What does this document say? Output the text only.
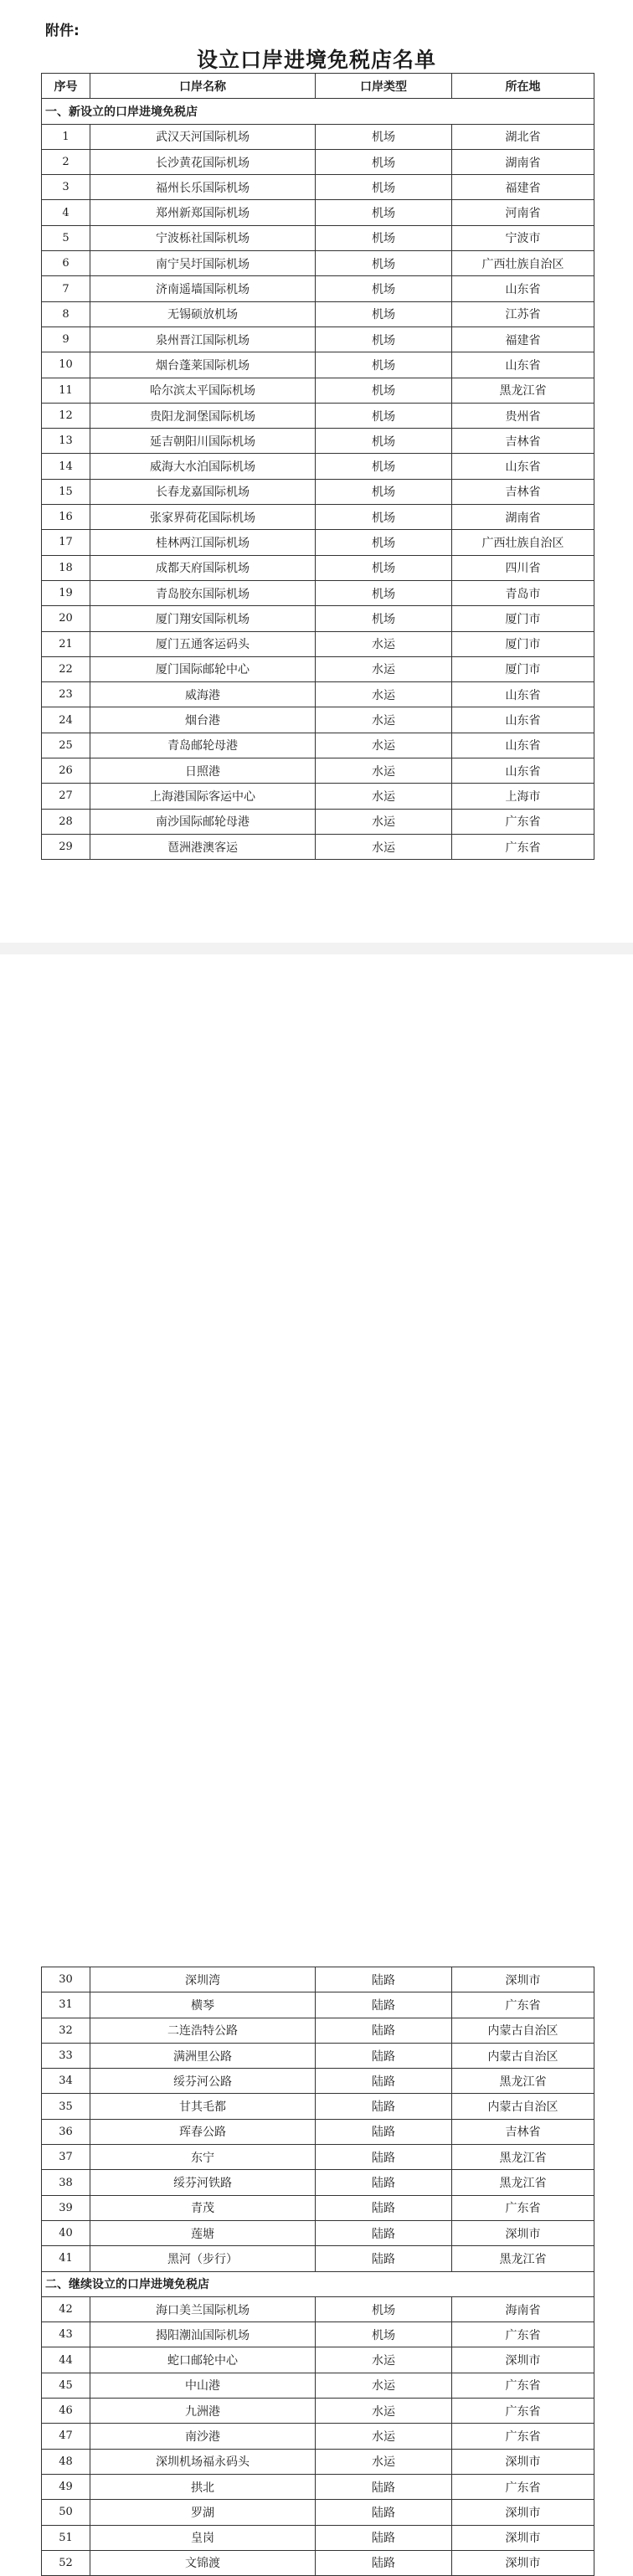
附件:
设立口岸进境免税店名单
序号	口岸名称	口岸类型	所在地
一、新设立的口岸进境免税店			
1	武汉天河国际机场	机场	湖北省
2	长沙黄花国际机场	机场	湖南省
3	福州长乐国际机场	机场	福建省
4	郑州新郑国际机场	机场	河南省
5	宁波栎社国际机场	机场	宁波市
6	南宁吴圩国际机场	机场	广西壮族自治区
7	济南遥墙国际机场	机场	山东省
8	无锡硕放机场	机场	江苏省
9	泉州晋江国际机场	机场	福建省
10	烟台蓬莱国际机场	机场	山东省
11	哈尔滨太平国际机场	机场	黑龙江省
12	贵阳龙洞堡国际机场	机场	贵州省
13	延吉朝阳川国际机场	机场	吉林省
14	威海大水泊国际机场	机场	山东省
15	长春龙嘉国际机场	机场	吉林省
16	张家界荷花国际机场	机场	湖南省
17	桂林两江国际机场	机场	广西壮族自治区
18	成都天府国际机场	机场	四川省
19	青岛胶东国际机场	机场	青岛市
20	厦门翔安国际机场	机场	厦门市
21	厦门五通客运码头	水运	厦门市
22	厦门国际邮轮中心	水运	厦门市
23	威海港	水运	山东省
24	烟台港	水运	山东省
25	青岛邮轮母港	水运	山东省
26	日照港	水运	山东省
27	上海港国际客运中心	水运	上海市
28	南沙国际邮轮母港	水运	广东省
29	琶洲港澳客运	水运	广东省
30	深圳湾	陆路	深圳市
31	横琴	陆路	广东省
32	二连浩特公路	陆路	内蒙古自治区
33	满洲里公路	陆路	内蒙古自治区
34	绥芬河公路	陆路	黑龙江省
35	甘其毛都	陆路	内蒙古自治区
36	珲春公路	陆路	吉林省
37	东宁	陆路	黑龙江省
38	绥芬河铁路	陆路	黑龙江省
39	青茂	陆路	广东省
40	莲塘	陆路	深圳市
41	黑河（步行）	陆路	黑龙江省
二、继续设立的口岸进境免税店			
42	海口美兰国际机场	机场	海南省
43	揭阳潮汕国际机场	机场	广东省
44	蛇口邮轮中心	水运	深圳市
45	中山港	水运	广东省
46	九洲港	水运	广东省
47	南沙港	水运	广东省
48	深圳机场福永码头	水运	深圳市
49	拱北	陆路	广东省
50	罗湖	陆路	深圳市
51	皇岗	陆路	深圳市
52	文锦渡	陆路	深圳市
